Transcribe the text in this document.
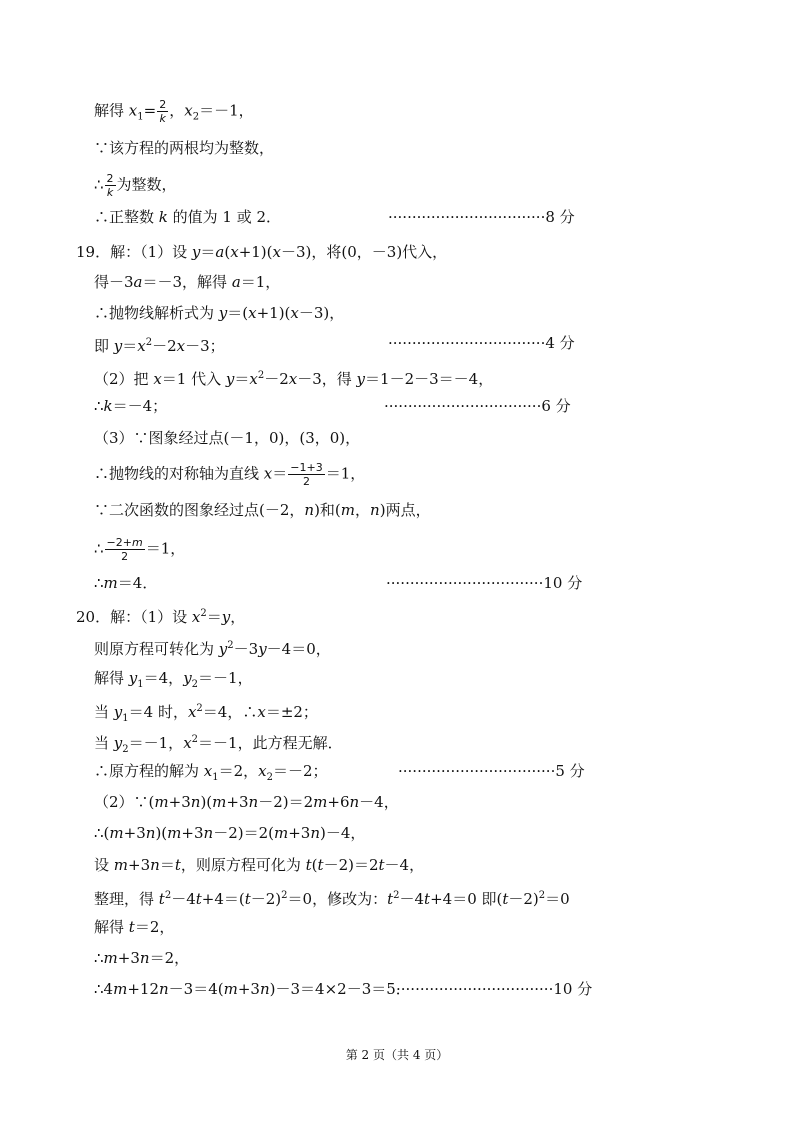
解得 $x_1= \frac{2}{k}$ ，$x_2=-1$，
∵该方程的两根均为整数，
∴ $\frac{2}{k}$ 为整数，
∴正整数 k 的值为 1 或 2．	·································8 分
19．解：（1）设 y＝a(x+1)(x－3)，将(0，－3)代入，
得－3a＝－3，解得 a＝1，
∴抛物线解析式为 y＝(x+1)(x－3)，
即 $y=x^2-2x-3$；	·································4 分
（2）把 x＝1 代入 $y=x^2-2x-3$，得 y＝1－2－3＝－4，
∴k＝－4；	·································6 分
（3）∵图象经过点(－1，0)，(3，0)，
∴抛物线的对称轴为直线 $x= \frac{-1+3}{2} =1$，
∵二次函数的图象经过点(－2，n)和(m，n)两点，
∴ $\frac{-2+m}{2} =1$，
∴m＝4．	·································10 分
20．解：（1）设 $x^2=y$，
则原方程可转化为 $y^2-3y-4=0$，
解得 $y_1=4$，$y_2=-1$，
当 $y_1=4$ 时，$x^2=4$，∴x＝±2；
当 $y_2=-1$，$x^2=-1$，此方程无解．
∴原方程的解为 $x_1=2$，$x_2=-2$；	·································5 分
（2）∵(m+3n)(m+3n－2)＝2m+6n－4，
∴(m+3n)(m+3n－2)＝2(m+3n)－4，
设 m+3n＝t，则原方程可化为 t(t－2)＝2t－4，
整理，得 $t^2-4t+4=(t-2)^2=0$，修改为：$t^2-4t+4=0$ 即$(t-2)^2=0$
解得 t＝2，
∴m+3n＝2，
∴4m+12n－3＝4(m+3n)－3＝4×2－3＝5．
·································10 分
第 2 页（共 4 页）
